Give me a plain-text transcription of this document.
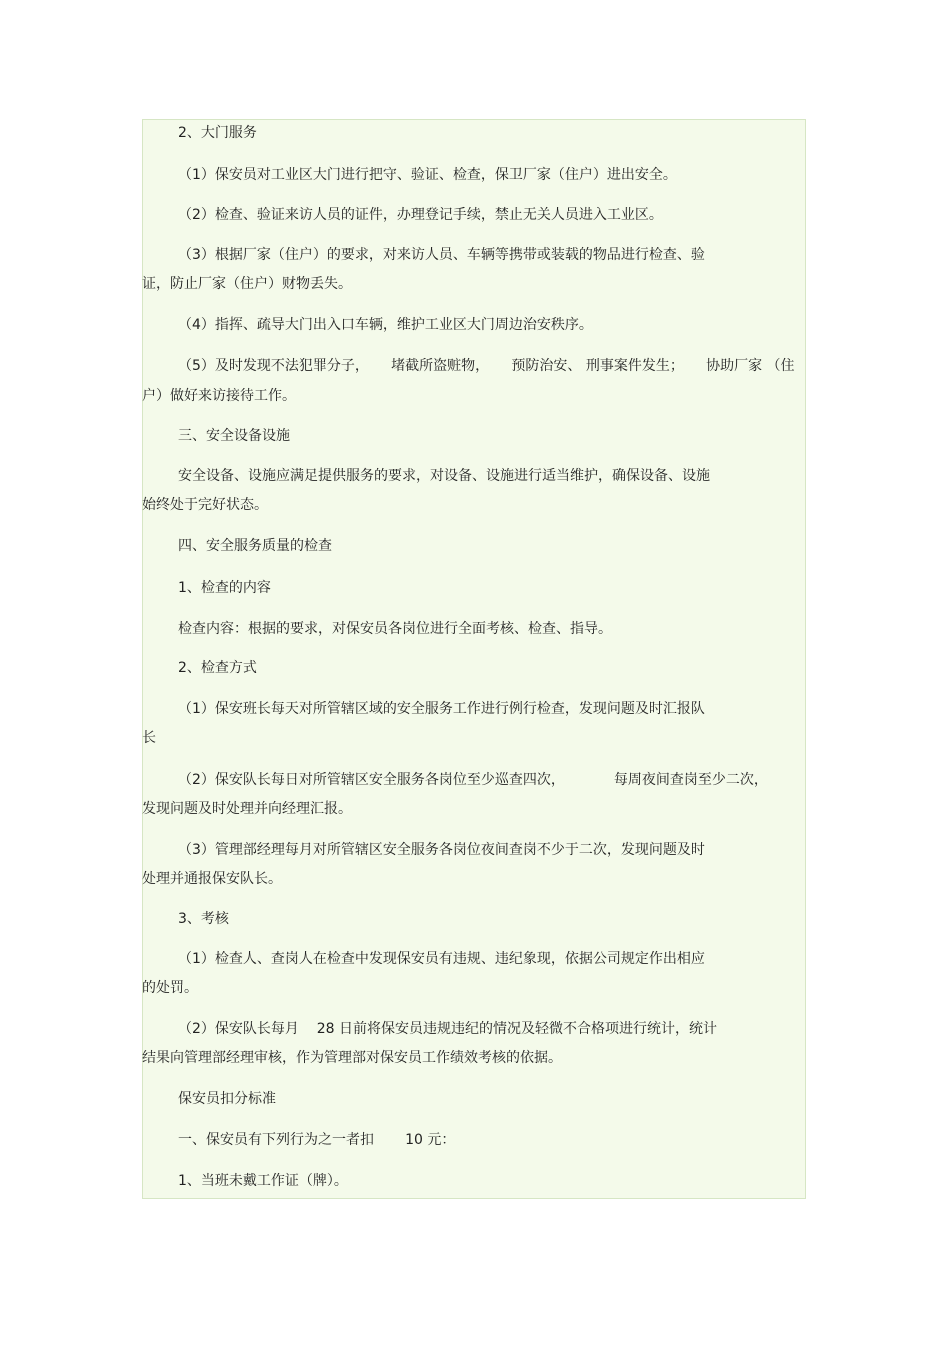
2、大门服务
（1）保安员对工业区大门进行把守、验证、检查，保卫厂家（住户）进出安全。
（2）检查、验证来访人员的证件，办理登记手续，禁止无关人员进入工业区。
（3）根据厂家（住户）的要求，对来访人员、车辆等携带或装载的物品进行检查、验
证，防止厂家（住户）财物丢失。
（4）指挥、疏导大门出入口车辆，维护工业区大门周边治安秩序。
（5）及时发现不法犯罪分子，     堵截所盗赃物，     预防治安、 刑事案件发生；     协助厂家 （住
户）做好来访接待工作。
三、安全设备设施
安全设备、设施应满足提供服务的要求，对设备、设施进行适当维护，确保设备、设施
始终处于完好状态。
四、安全服务质量的检查
1、检查的内容
检查内容：根据的要求，对保安员各岗位进行全面考核、检查、指导。
2、检查方式
（1）保安班长每天对所管辖区域的安全服务工作进行例行检查，发现问题及时汇报队
长
（2）保安队长每日对所管辖区安全服务各岗位至少巡查四次，           每周夜间查岗至少二次，
发现问题及时处理并向经理汇报。
（3）管理部经理每月对所管辖区安全服务各岗位夜间查岗不少于二次，发现问题及时
处理并通报保安队长。
3、考核
（1）检查人、查岗人在检查中发现保安员有违规、违纪象现，依据公司规定作出相应
的处罚。
（2）保安队长每月    28 日前将保安员违规违纪的情况及轻微不合格项进行统计，统计
结果向管理部经理审核，作为管理部对保安员工作绩效考核的依据。
保安员扣分标准
一、保安员有下列行为之一者扣       10 元：
1、当班未戴工作证（牌）。
